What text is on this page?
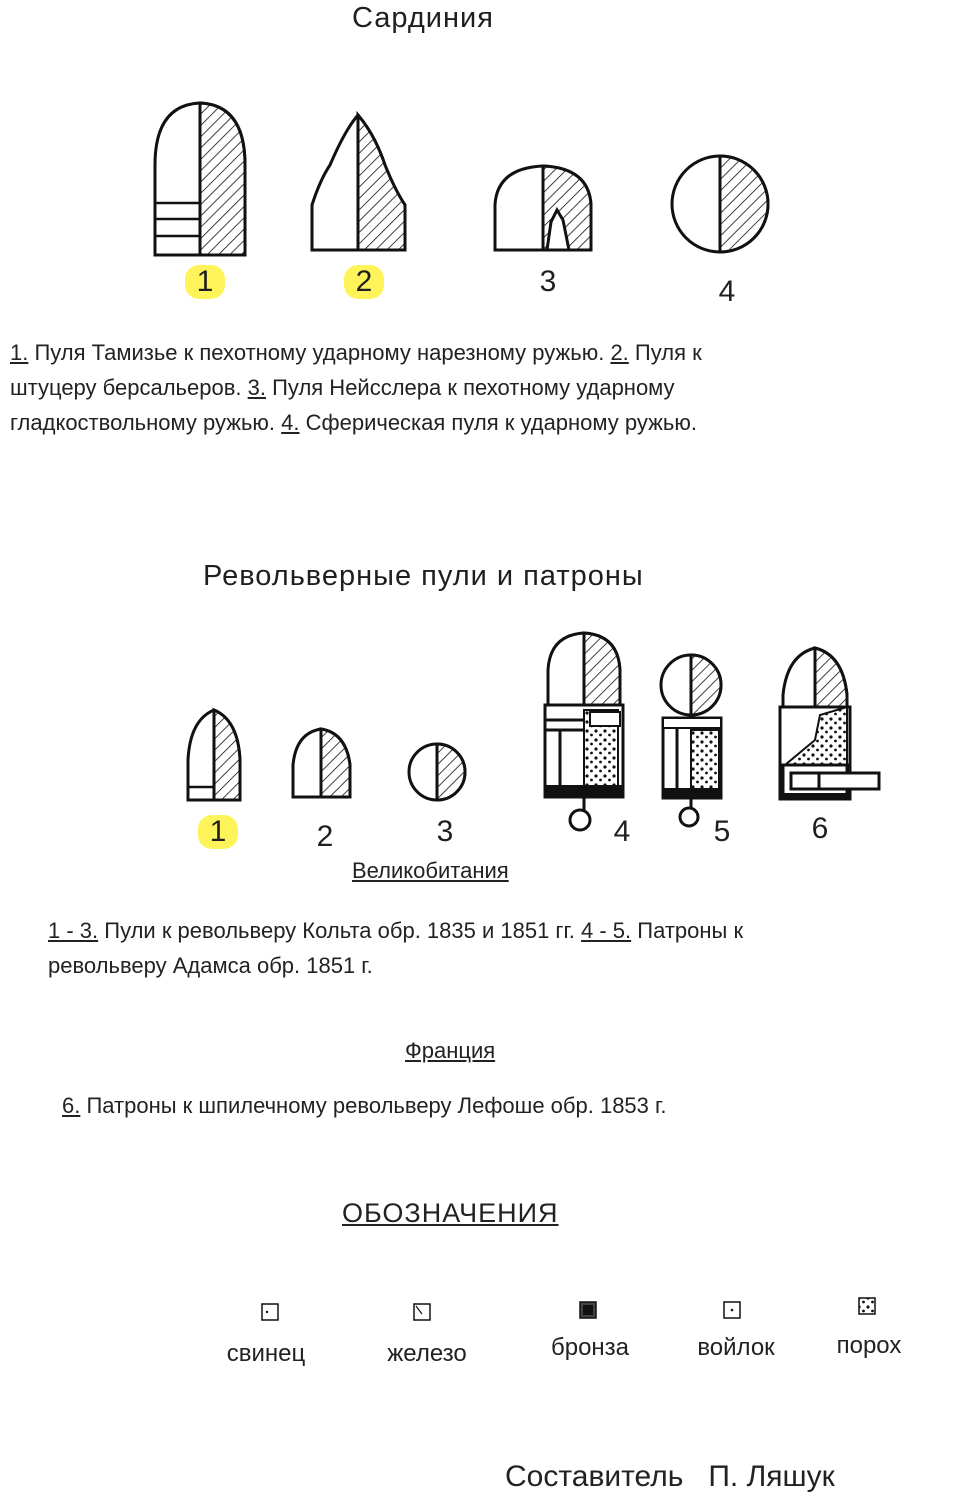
Сардиния
1	2	3	4
1. Пуля Тамизье к пехотному ударному нарезному ружью. 2. Пуля к
штуцеру берсальеров. 3. Пуля Нейсслера к пехотному ударному
гладкоствольному ружью. 4. Сферическая пуля к ударному ружью.
Револьверные пули и патроны
1	2	3	4	5	6
Великобитания
1 - 3. Пули к револьверу Кольта обр. 1835 и 1851 гг. 4 - 5. Патроны к
револьверу Адамса обр. 1851 г.
Франция
6. Патроны к шпилечному револьверу Лефоше обр. 1853 г.
ОБОЗНАЧЕНИЯ
свинец	железо	бронза	войлок	порох
Составитель   П. Ляшук
